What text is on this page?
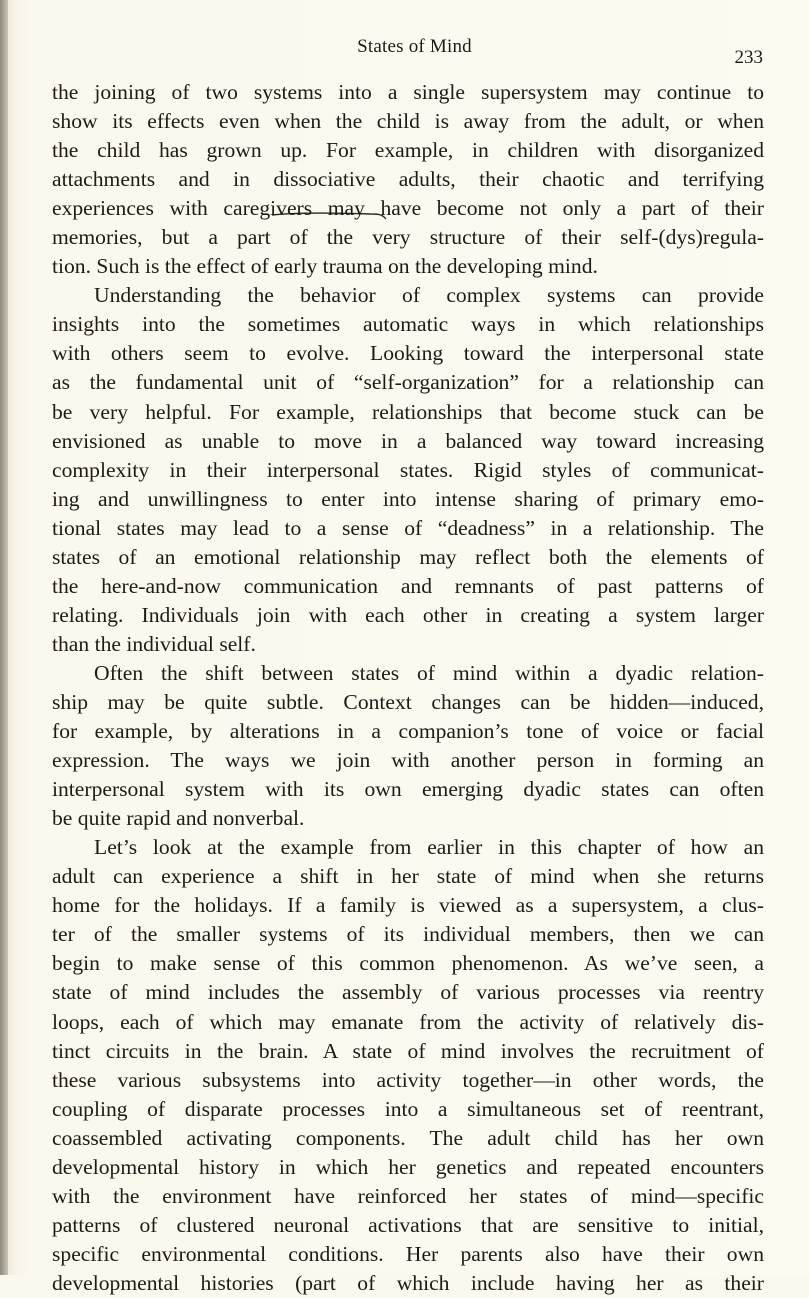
States of Mind
233
the joining of two systems into a single supersystem may continue to
show its effects even when the child is away from the adult, or when
the child has grown up. For example, in children with disorganized
attachments and in dissociative adults, their chaotic and terrifying
experiences with caregivers may have become not only a part of their
memories, but a part of the very structure of their self-(dys)regula-
tion. Such is the effect of early trauma on the developing mind.
Understanding the behavior of complex systems can provide
insights into the sometimes automatic ways in which relationships
with others seem to evolve. Looking toward the interpersonal state
as the fundamental unit of “self-organization” for a relationship can
be very helpful. For example, relationships that become stuck can be
envisioned as unable to move in a balanced way toward increasing
complexity in their interpersonal states. Rigid styles of communicat-
ing and unwillingness to enter into intense sharing of primary emo-
tional states may lead to a sense of “deadness” in a relationship. The
states of an emotional relationship may reflect both the elements of
the here-and-now communication and remnants of past patterns of
relating. Individuals join with each other in creating a system larger
than the individual self.
Often the shift between states of mind within a dyadic relation-
ship may be quite subtle. Context changes can be hidden—induced,
for example, by alterations in a companion’s tone of voice or facial
expression. The ways we join with another person in forming an
interpersonal system with its own emerging dyadic states can often
be quite rapid and nonverbal.
Let’s look at the example from earlier in this chapter of how an
adult can experience a shift in her state of mind when she returns
home for the holidays. If a family is viewed as a supersystem, a clus-
ter of the smaller systems of its individual members, then we can
begin to make sense of this common phenomenon. As we’ve seen, a
state of mind includes the assembly of various processes via reentry
loops, each of which may emanate from the activity of relatively dis-
tinct circuits in the brain. A state of mind involves the recruitment of
these various subsystems into activity together—in other words, the
coupling of disparate processes into a simultaneous set of reentrant,
coassembled activating components. The adult child has her own
developmental history in which her genetics and repeated encounters
with the environment have reinforced her states of mind—specific
patterns of clustered neuronal activations that are sensitive to initial,
specific environmental conditions. Her parents also have their own
developmental histories (part of which include having her as their
